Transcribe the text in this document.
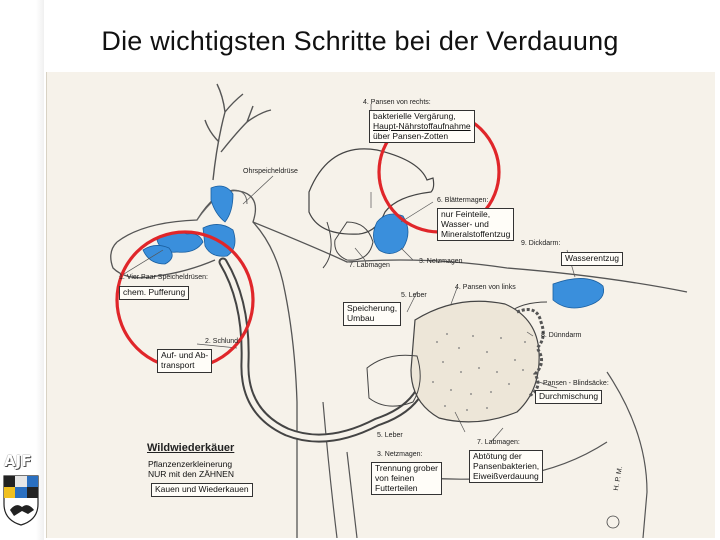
Die wichtigsten Schritte bei der Verdauung
AJF
4. Pansen von rechts:
Ohrspeicheldrüse
6. Blättermagen:
9. Dickdarm:
7. Labmagen
3. Netzmagen
1. Vier Paar Speicheldrüsen:
5. Leber
4. Pansen von links
8. Dünndarm
2. Schlund:
Pansen - Blindsäcke:
5. Leber
7. Labmagen:
3. Netzmagen:
H. P. M.
bakterielle Vergärung,
Haupt-Nährstoffaufnahme
über Pansen-Zotten
nur Feinteile,
Wasser- und
Mineralstoffentzug
Wasserentzug
chem. Pufferung
Speicherung,
Umbau
Auf- und Ab-
transport
Durchmischung
Trennung grober
von feinen
Futterteilen
Abtötung der
Pansenbakterien,
Eiweißverdauung
Wildwiederkäuer
Pflanzenzerkleinerung
NUR mit den ZÄHNEN
Kauen und Wiederkauen
